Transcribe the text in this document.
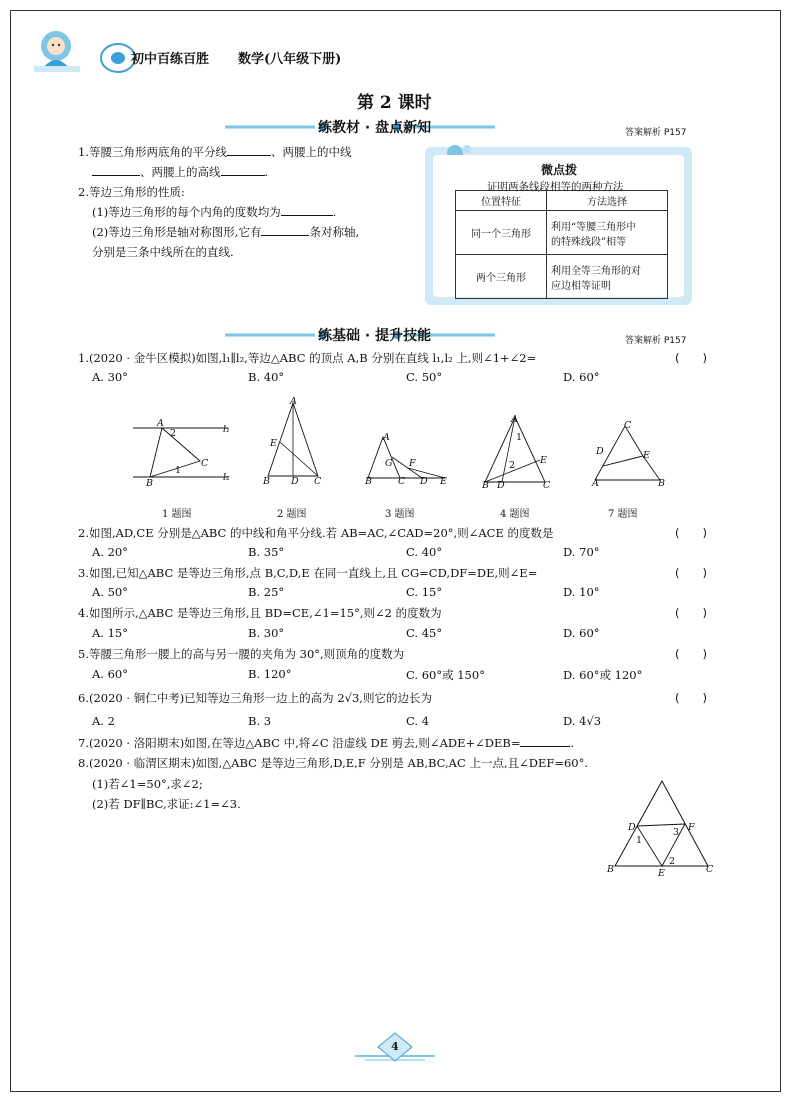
初中百练百胜 数学(八年级下册)
第 2 课时
练教材 · 盘点新知	答案解析 P157
1.等腰三角形两底角的平分线	、两腰上的中线
、两腰上的高线	.
2.等边三角形的性质:
(1)等边三角形的每个内角的度数均为	.
(2)等边三角形是轴对称图形,它有	条对称轴,
分别是三条中线所在的直线.
微点拨
证明两条线段相等的两种方法
位置特征	方法选择
同一个三角形	利用“等腰三角形中
的特殊线段”相等
两个三角形	利用全等三角形的对
应边相等证明
练基础 · 提升技能	答案解析 P157
1.(2020 · 金牛区模拟)如图,l₁∥l₂,等边△ABC 的顶点 A,B 分别在直线 l₁,l₂ 上,则∠1+∠2=	(　　)
A. 30°	B. 40°	C. 50°	D. 60°
A
2	l₁
C
1
B
l₂
A
E
B D C
A
G F
B	C D E
A
1
2	E
B D	C
C
D	E
A	B
1 题图	2 题图	3 题图	4 题图	7 题图
2.如图,AD,CE 分别是△ABC 的中线和角平分线.若 AB=AC,∠CAD=20°,则∠ACE 的度数是	(　　)
A. 20°	B. 35°	C. 40°	D. 70°
3.如图,已知△ABC 是等边三角形,点 B,C,D,E 在同一直线上,且 CG=CD,DF=DE,则∠E=	(　　)
A. 50°	B. 25°	C. 15°	D. 10°
4.如图所示,△ABC 是等边三角形,且 BD=CE,∠1=15°,则∠2 的度数为	(　　)
A. 15°	B. 30°	C. 45°	D. 60°
5.等腰三角形一腰上的高与另一腰的夹角为 30°,则顶角的度数为	(　　)
A. 60°	B. 120°	C. 60°或 150°	D. 60°或 120°
6.(2020 · 铜仁中考)已知等边三角形一边上的高为 2√3,则它的边长为	(　　)
A. 2	B. 3	C. 4	D. 4√3
7.(2020 · 洛阳期末)如图,在等边△ABC 中,将∠C 沿虚线 DE 剪去,则∠ADE+∠DEB=	.
8.(2020 · 临渭区期末)如图,△ABC 是等边三角形,D,E,F 分别是 AB,BC,AC 上一点,且∠DEF=60°.
(1)若∠1=50°,求∠2;
(2)若 DF∥BC,求证:∠1=∠3.
D
1
3 F
2
B	E	C
4
